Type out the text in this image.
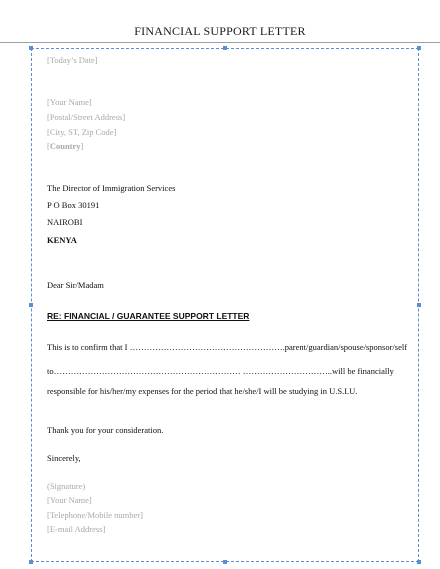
FINANCIAL SUPPORT LETTER
[Today’s Date]
[Your Name]
[Postal/Street Address]
[City, ST, Zip Code]
[Country]
The Director of Immigration Services
P O Box 30191
NAIROBI
KENYA
Dear Sir/Madam
RE: FINANCIAL / GUARANTEE SUPPORT LETTER
This is to confirm that I ……………………………………………….parent/guardian/spouse/sponsor/self
to………………………………………………………… …………………………..will be financially
responsible for his/her/my expenses for the period that he/she/I will be studying in U.S.I.U.
Thank you for your consideration.
Sincerely,
(Signature)
[Your Name]
[Telephone/Mobile number]
[E-mail Address]
